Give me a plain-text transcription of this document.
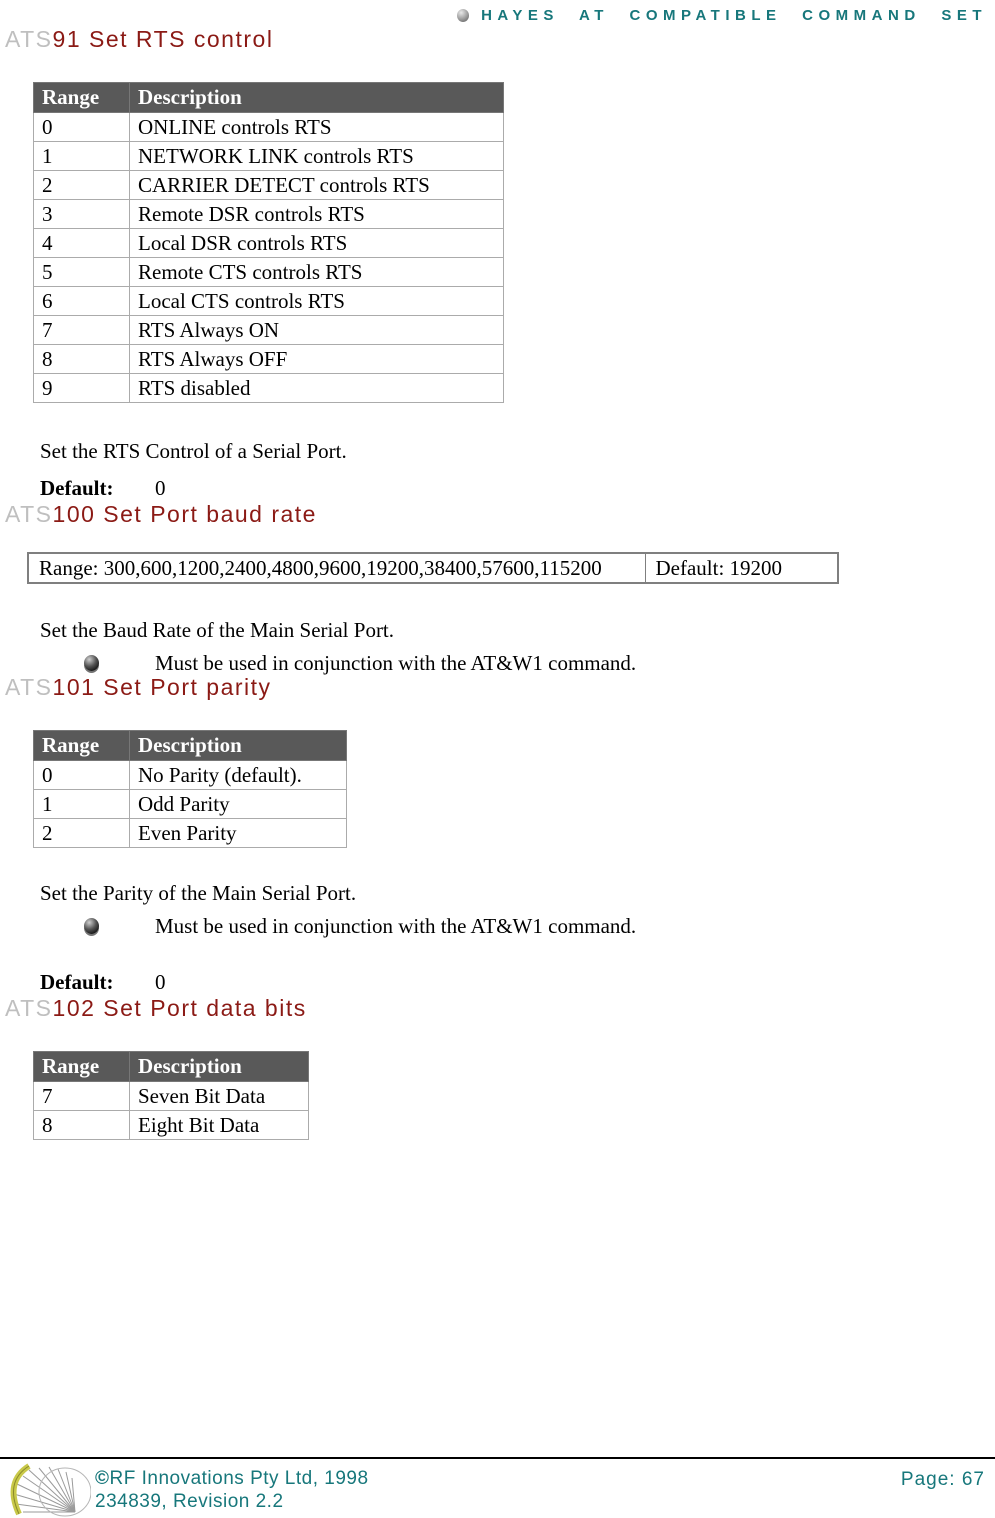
HAYES AT COMPATIBLE COMMAND SET
ATS91 Set RTS control
Range	Description
0	ONLINE controls RTS
1	NETWORK LINK controls RTS
2	CARRIER DETECT controls RTS
3	Remote DSR controls RTS
4	Local DSR controls RTS
5	Remote CTS controls RTS
6	Local CTS controls RTS
7	RTS Always ON
8	RTS Always OFF
9	RTS disabled

Set the RTS Control of a Serial Port.

Default: 0
ATS100 Set Port baud rate
Range: 300,600,1200,2400,4800,9600,19200,38400,57600,115200	Default: 19200

Set the Baud Rate of the Main Serial Port.

Must be used in conjunction with the AT&W1 command.
ATS101 Set Port parity
Range	Description
0	No Parity (default).
1	Odd Parity
2	Even Parity

Set the Parity of the Main Serial Port.

Must be used in conjunction with the AT&W1 command.
Default: 0
ATS102 Set Port data bits
Range	Description
7	Seven Bit Data
8	Eight Bit Data
©RF Innovations Pty Ltd, 1998
234839, Revision 2.2
Page: 67
